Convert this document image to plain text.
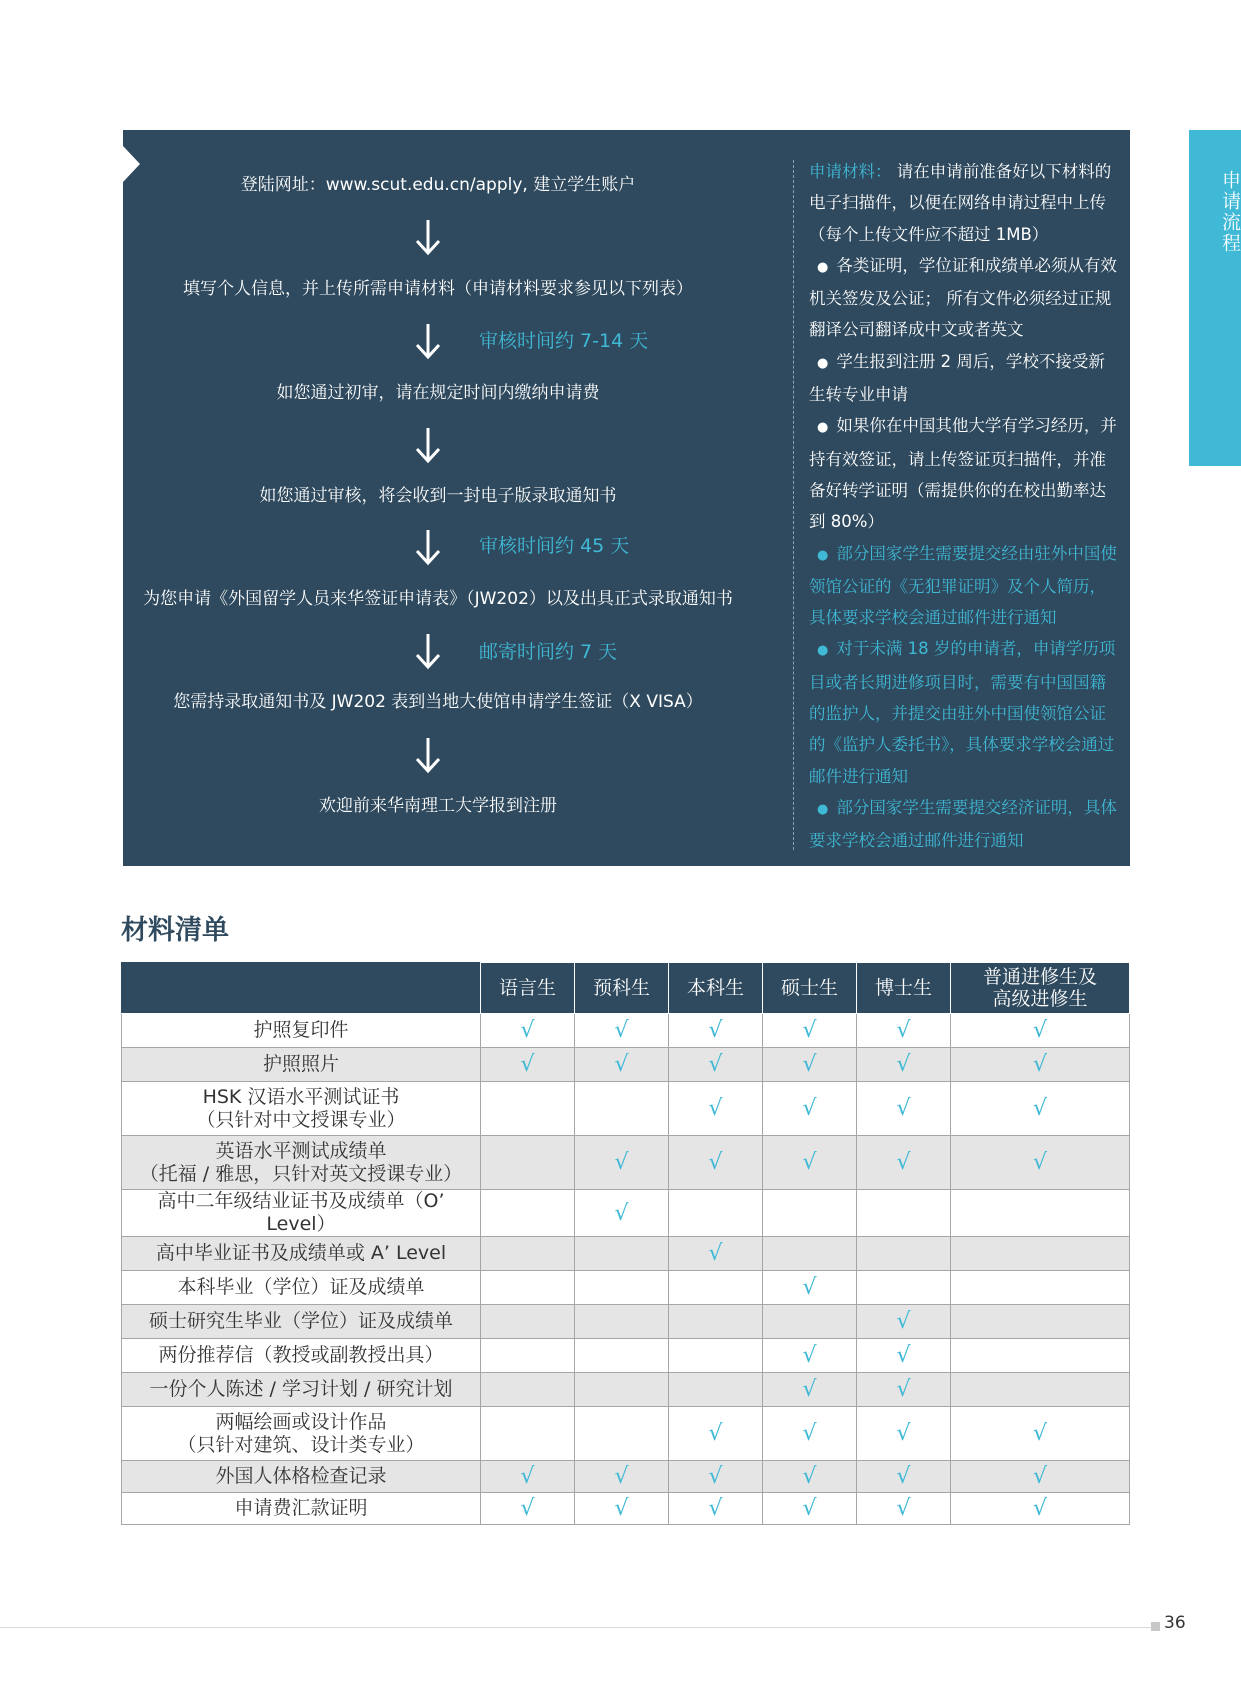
申请流程
登陆网址：www.scut.edu.cn/apply, 建立学生账户
填写个人信息，并上传所需申请材料（申请材料要求参见以下列表）
审核时间约 7-14 天
如您通过初审，请在规定时间内缴纳申请费
如您通过审核，将会收到一封电子版录取通知书
审核时间约 45 天
为您申请《外国留学人员来华签证申请表》（JW202）以及出具正式录取通知书
邮寄时间约 7 天
您需持录取通知书及 JW202 表到当地大使馆申请学生签证（X VISA）
欢迎前来华南理工大学报到注册

申请材料： 请在申请前准备好以下材料的电子扫描件，以便在网络申请过程中上传（每个上传文件应不超过 1MB）

● 各类证明，学位证和成绩单必须从有效机关签发及公证； 所有文件必须经过正规翻译公司翻译成中文或者英文

● 学生报到注册 2 周后，学校不接受新生转专业申请

● 如果你在中国其他大学有学习经历，并持有效签证，请上传签证页扫描件，并准备好转学证明（需提供你的在校出勤率达到 80%）

● 部分国家学生需要提交经由驻外中国使领馆公证的《无犯罪证明》及个人简历，具体要求学校会通过邮件进行通知

● 对于未满 18 岁的申请者，申请学历项目或者长期进修项目时，需要有中国国籍的监护人，并提交由驻外中国使领馆公证的《监护人委托书》，具体要求学校会通过邮件进行通知

● 部分国家学生需要提交经济证明，具体要求学校会通过邮件进行通知

材料清单
	语言生	预科生	本科生	硕士生	博士生	普通进修生及高级进修生

护照复印件	√	√	√	√	√	√

护照照片	√	√	√	√	√	√

HSK 汉语水平测试证书
（只针对中文授课专业）			√	√	√	√

英语水平测试成绩单
（托福 / 雅思，只针对英文授课专业）		√	√	√	√	√

高中二年级结业证书及成绩单（O’ Level）		√				

高中毕业证书及成绩单或 A’ Level			√			

本科毕业（学位）证及成绩单				√		

硕士研究生毕业（学位）证及成绩单					√	

两份推荐信（教授或副教授出具）				√	√	

一份个人陈述 / 学习计划 / 研究计划				√	√	

两幅绘画或设计作品
（只针对建筑、设计类专业）			√	√	√	√

外国人体格检查记录	√	√	√	√	√	√

申请费汇款证明	√	√	√	√	√	√
36
